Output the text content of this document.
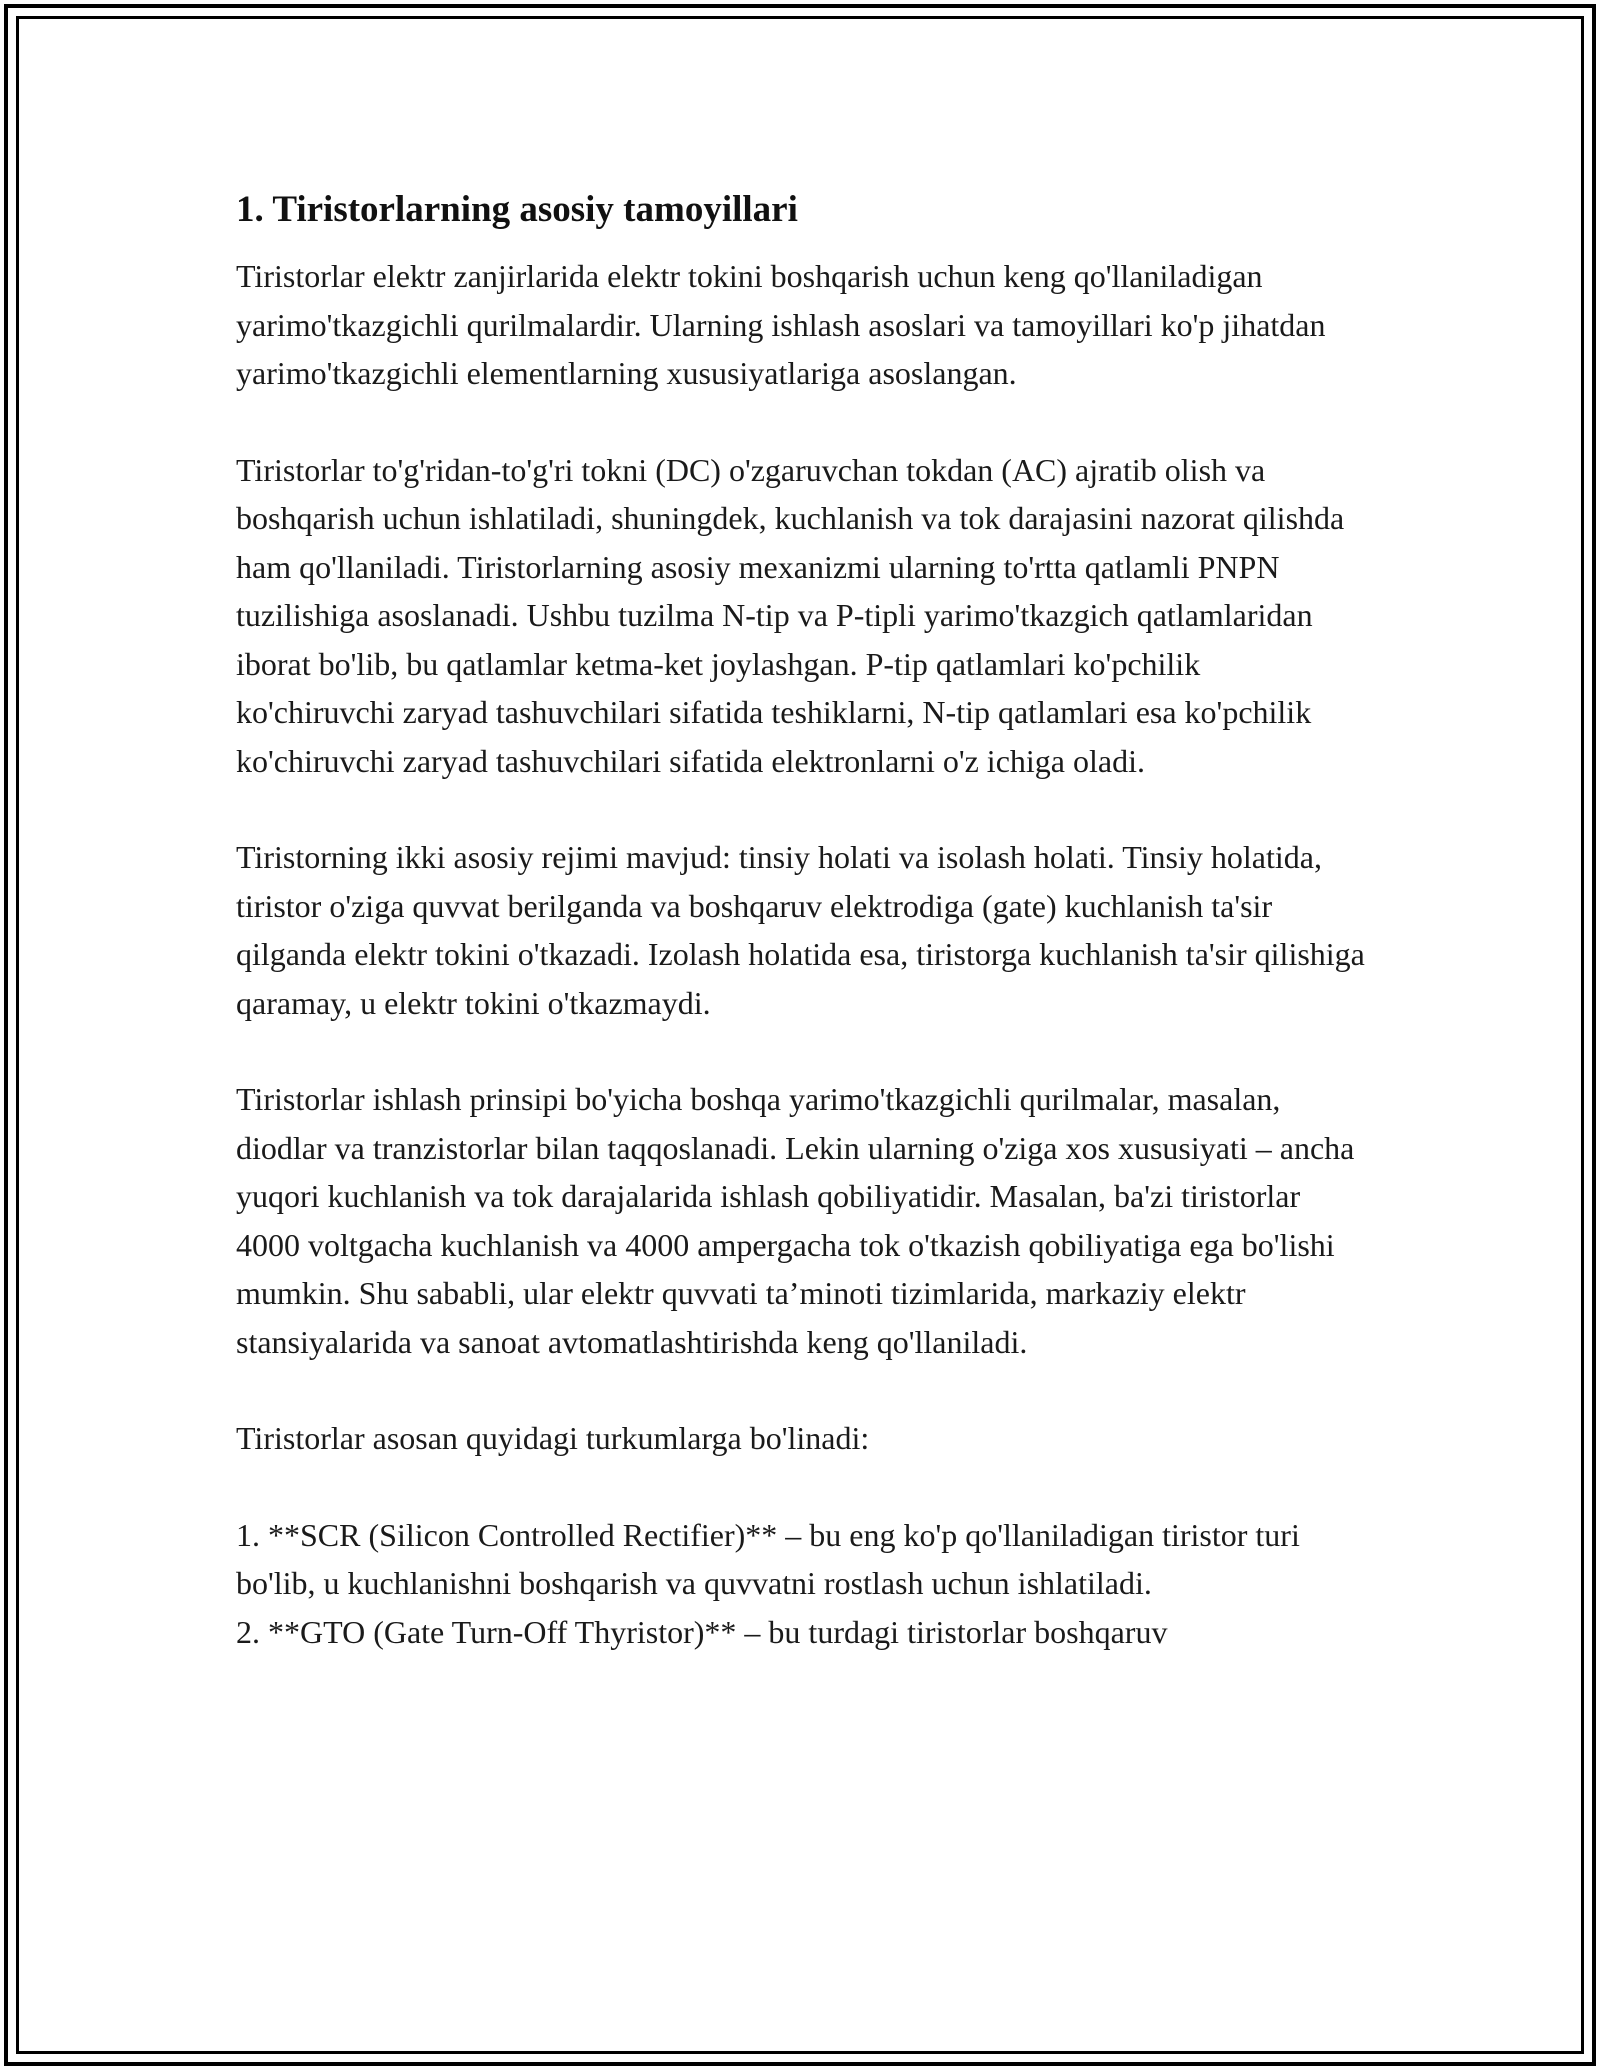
1. Tiristorlarning asosiy tamoyillari

Tiristorlar elektr zanjirlarida elektr tokini boshqarish uchun keng qo'llaniladigan yarimo'tkazgichli qurilmalardir. Ularning ishlash asoslari va tamoyillari ko'p jihatdan yarimo'tkazgichli elementlarning xususiyatlariga asoslangan.

Tiristorlar to'g'ridan-to'g'ri tokni (DC) o'zgaruvchan tokdan (AC) ajratib olish va boshqarish uchun ishlatiladi, shuningdek, kuchlanish va tok darajasini nazorat qilishda ham qo'llaniladi. Tiristorlarning asosiy mexanizmi ularning to'rtta qatlamli PNPN tuzilishiga asoslanadi. Ushbu tuzilma N-tip va P-tipli yarimo'tkazgich qatlamlaridan iborat bo'lib, bu qatlamlar ketma-ket joylashgan. P-tip qatlamlari ko'pchilik ko'chiruvchi zaryad tashuvchilari sifatida teshiklarni, N-tip qatlamlari esa ko'pchilik ko'chiruvchi zaryad tashuvchilari sifatida elektronlarni o'z ichiga oladi.

Tiristorning ikki asosiy rejimi mavjud: tinsiy holati va isolash holati. Tinsiy holatida, tiristor o'ziga quvvat berilganda va boshqaruv elektrodiga (gate) kuchlanish ta'sir qilganda elektr tokini o'tkazadi. Izolash holatida esa, tiristorga kuchlanish ta'sir qilishiga qaramay, u elektr tokini o'tkazmaydi.

Tiristorlar ishlash prinsipi bo'yicha boshqa yarimo'tkazgichli qurilmalar, masalan, diodlar va tranzistorlar bilan taqqoslanadi. Lekin ularning o'ziga xos xususiyati – ancha yuqori kuchlanish va tok darajalarida ishlash qobiliyatidir. Masalan, ba'zi tiristorlar 4000 voltgacha kuchlanish va 4000 ampergacha tok o'tkazish qobiliyatiga ega bo'lishi mumkin. Shu sababli, ular elektr quvvati ta’minoti tizimlarida, markaziy elektr stansiyalarida va sanoat avtomatlashtirishda keng qo'llaniladi.

Tiristorlar asosan quyidagi turkumlarga bo'linadi:

1. **SCR (Silicon Controlled Rectifier)** – bu eng ko'p qo'llaniladigan tiristor turi bo'lib, u kuchlanishni boshqarish va quvvatni rostlash uchun ishlatiladi.
2. **GTO (Gate Turn-Off Thyristor)** – bu turdagi tiristorlar boshqaruv
